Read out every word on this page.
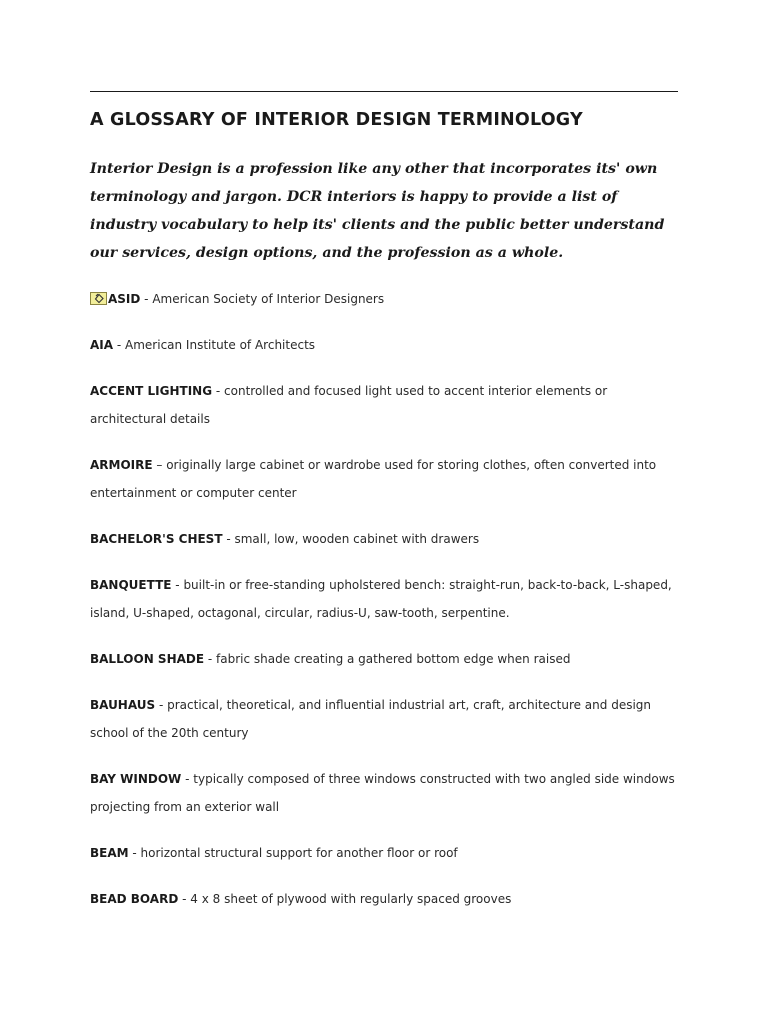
A GLOSSARY OF INTERIOR DESIGN TERMINOLOGY

Interior Design is a profession like any other that incorporates its' own terminology and jargon. DCR interiors is happy to provide a list of industry vocabulary to help its' clients and the public better understand our services, design options, and the profession as a whole.

ASID - American Society of Interior Designers
AIA - American Institute of Architects
ACCENT LIGHTING - controlled and focused light used to accent interior elements or architectural details
ARMOIRE – originally large cabinet or wardrobe used for storing clothes, often converted into entertainment or computer center
BACHELOR'S CHEST - small, low, wooden cabinet with drawers
BANQUETTE - built-in or free-standing upholstered bench: straight-run, back-to-back, L-shaped, island, U-shaped, octagonal, circular, radius-U, saw-tooth, serpentine.
BALLOON SHADE - fabric shade creating a gathered bottom edge when raised
BAUHAUS - practical, theoretical, and influential industrial art, craft, architecture and design school of the 20th century
BAY WINDOW - typically composed of three windows constructed with two angled side windows projecting from an exterior wall
BEAM - horizontal structural support for another floor or roof
BEAD BOARD - 4 x 8 sheet of plywood with regularly spaced grooves
